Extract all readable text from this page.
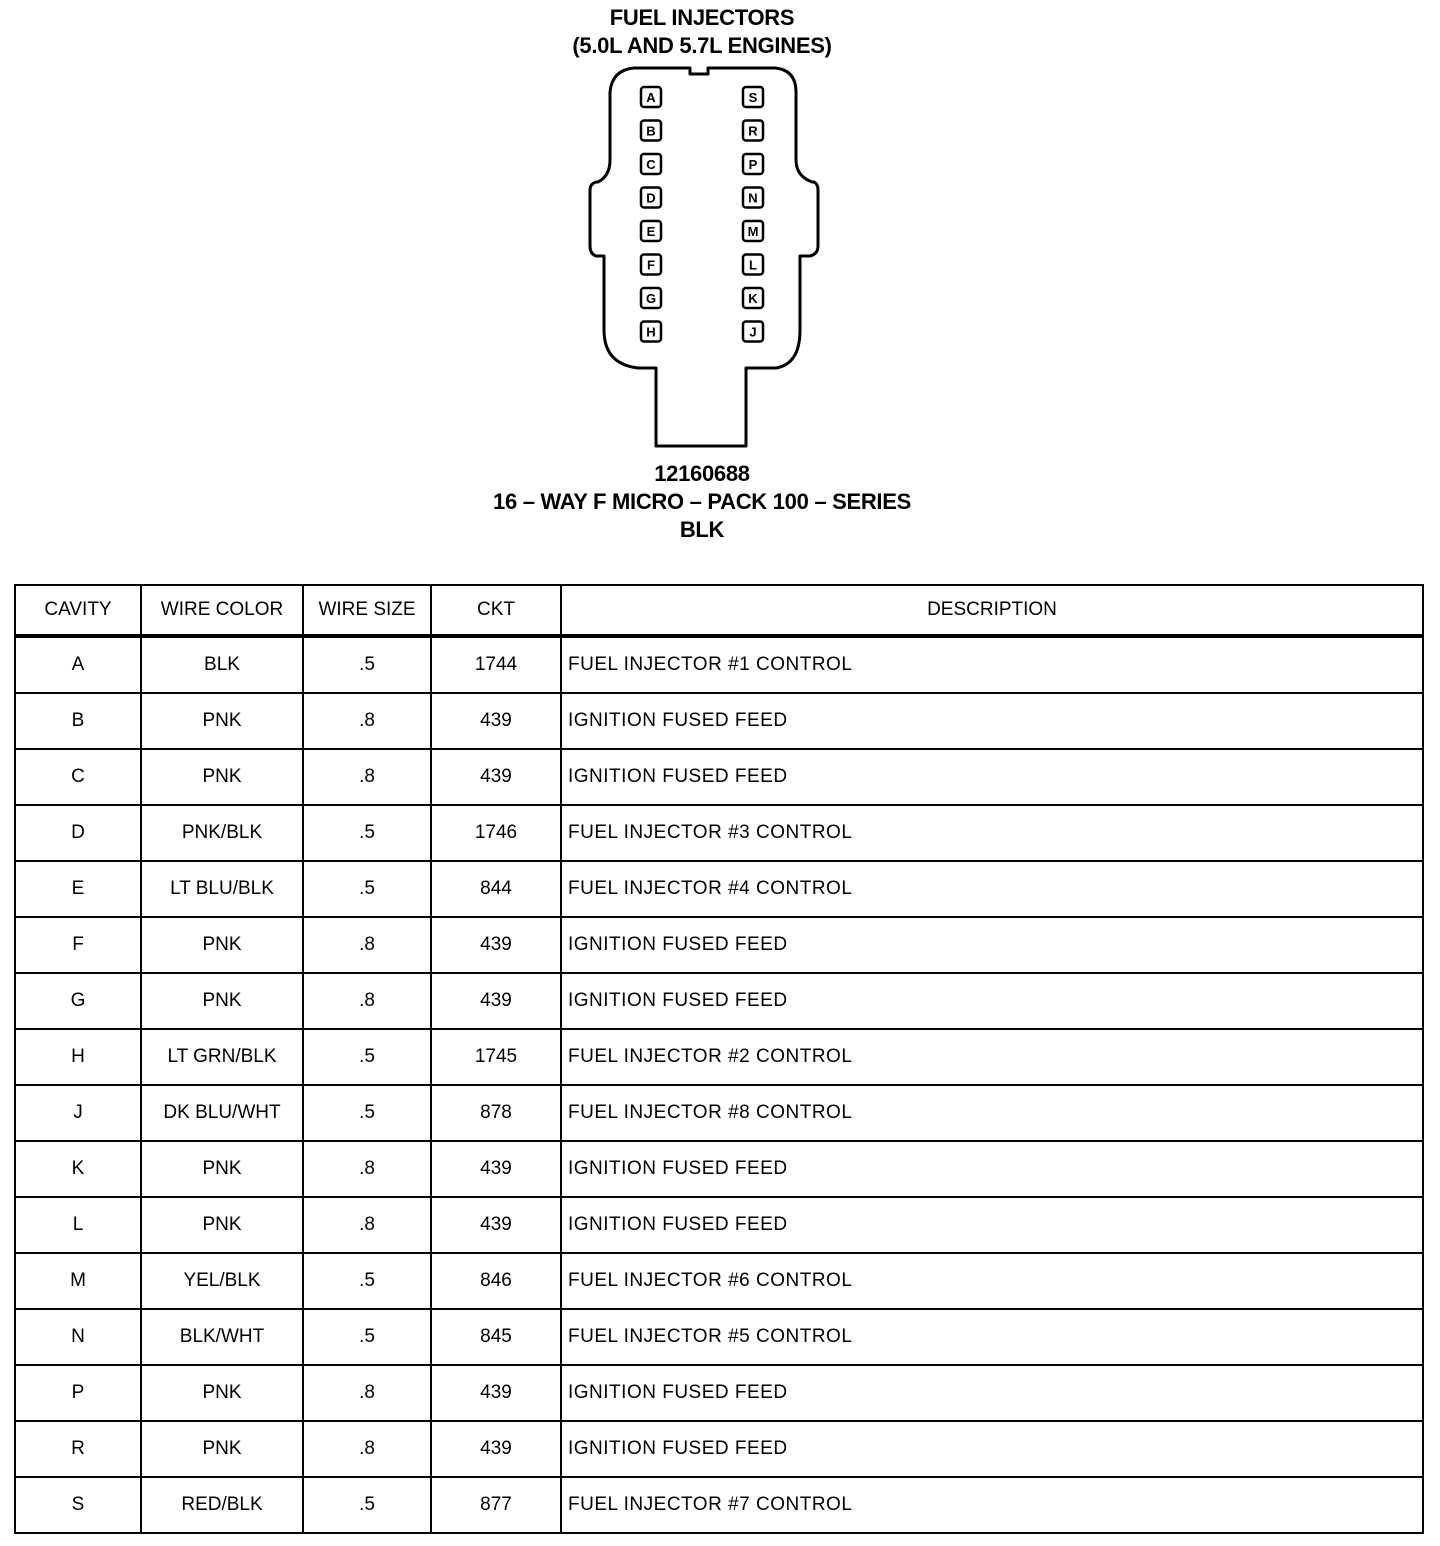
FUEL INJECTORS
(5.0L AND 5.7L ENGINES)
A
B
C
D
E
F
G
H
S
R
P
N
M
L
K
J
12160688
16 – WAY F MICRO – PACK 100 – SERIES
BLK
CAVITY	WIRE COLOR	WIRE SIZE	CKT	DESCRIPTION
A	BLK	.5	1744	FUEL INJECTOR #1 CONTROL
B	PNK	.8	439	IGNITION FUSED FEED
C	PNK	.8	439	IGNITION FUSED FEED
D	PNK/BLK	.5	1746	FUEL INJECTOR #3 CONTROL
E	LT BLU/BLK	.5	844	FUEL INJECTOR #4 CONTROL
F	PNK	.8	439	IGNITION FUSED FEED
G	PNK	.8	439	IGNITION FUSED FEED
H	LT GRN/BLK	.5	1745	FUEL INJECTOR #2 CONTROL
J	DK BLU/WHT	.5	878	FUEL INJECTOR #8 CONTROL
K	PNK	.8	439	IGNITION FUSED FEED
L	PNK	.8	439	IGNITION FUSED FEED
M	YEL/BLK	.5	846	FUEL INJECTOR #6 CONTROL
N	BLK/WHT	.5	845	FUEL INJECTOR #5 CONTROL
P	PNK	.8	439	IGNITION FUSED FEED
R	PNK	.8	439	IGNITION FUSED FEED
S	RED/BLK	.5	877	FUEL INJECTOR #7 CONTROL
